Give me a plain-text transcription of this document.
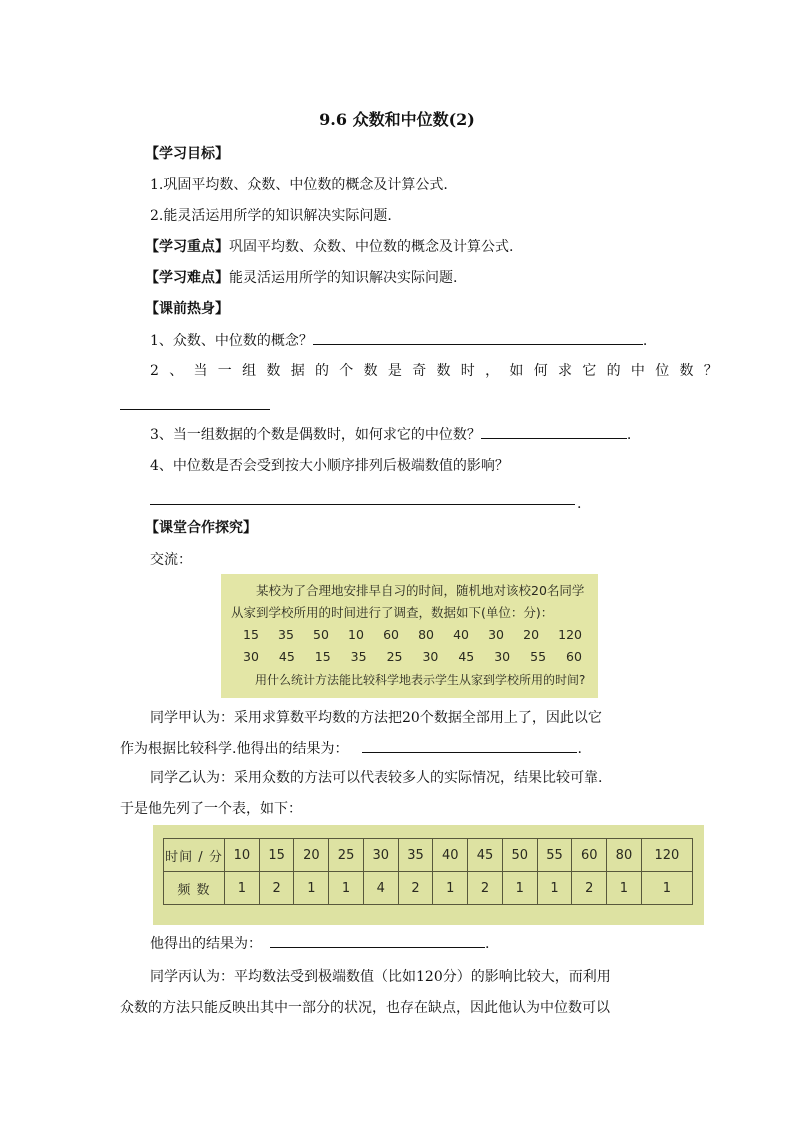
9.6 众数和中位数(2)
【学习目标】
1.巩固平均数、众数、中位数的概念及计算公式.
2.能灵活运用所学的知识解决实际问题.
【学习重点】巩固平均数、众数、中位数的概念及计算公式.
【学习难点】能灵活运用所学的知识解决实际问题.
【课前热身】
1、众数、中位数的概念？	.
2、当一组数据的个数是奇数时，如何求它的中位数？
3、当一组数据的个数是偶数时，如何求它的中位数？	.
4、中位数是否会受到按大小顺序排列后极端数值的影响？
.
【课堂合作探究】
交流：
某校为了合理地安排早自习的时间，随机地对该校20名同学从家到学校所用的时间进行了调查，数据如下(单位：分)：
15 35 50 10 60 80 40 30 20 120
30 45 15 35 25 30 45 30 55 60
用什么统计方法能比较科学地表示学生从家到学校所用的时间?
同学甲认为：采用求算数平均数的方法把20个数据全部用上了，因此以它
作为根据比较科学.他得出的结果为：	.
同学乙认为：采用众数的方法可以代表较多人的实际情况，结果比较可靠.
于是他先列了一个表，如下：
时间 / 分	10	15	20	25	30	35	40	45	50	55	60	80	120
频 数	1	2	1	1	4	2	1	2	1	1	2	1	1
他得出的结果为：	.
同学丙认为：平均数法受到极端数值（比如120分）的影响比较大，而利用
众数的方法只能反映出其中一部分的状况，也存在缺点，因此他认为中位数可以
